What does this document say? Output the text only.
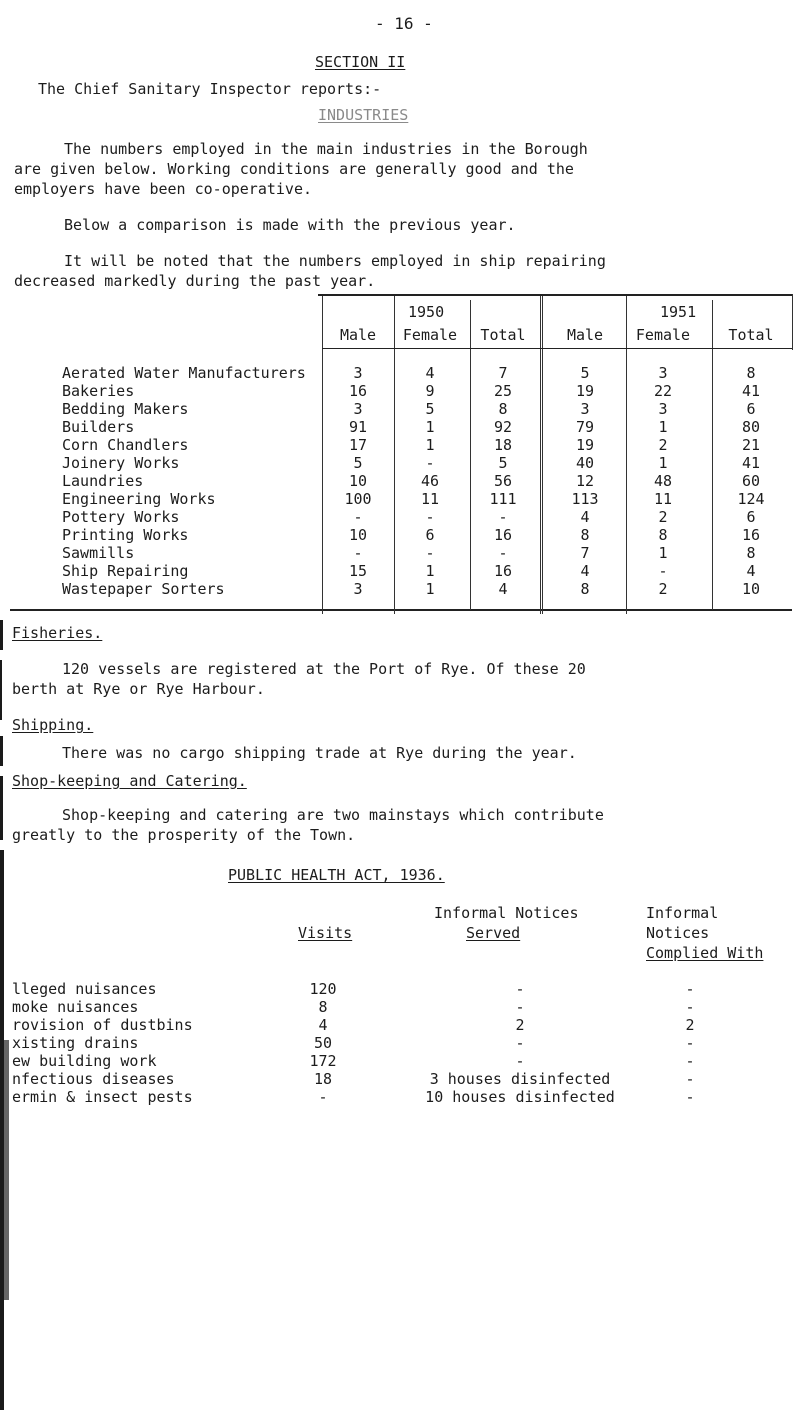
- 16 -
SECTION II
The Chief Sanitary Inspector reports:-
INDUSTRIES
The numbers employed in the main industries in the Borough
are given below. Working conditions are generally good and the
employers have been co-operative.
Below a comparison is made with the previous year.
It will be noted that the numbers employed in ship repairing
decreased markedly during the past year.
1950	1951
Male	Female	Total	Male	Female	Total
Aerated Water Manufacturers	3	4	7	5	3	8
Bakeries	16	9	25	19	22	41
Bedding Makers	3	5	8	3	3	6
Builders	91	1	92	79	1	80
Corn Chandlers	17	1	18	19	2	21
Joinery Works	5	-	5	40	1	41
Laundries	10	46	56	12	48	60
Engineering Works	100	11	111	113	11	124
Pottery Works	-	-	-	4	2	6
Printing Works	10	6	16	8	8	16
Sawmills	-	-	-	7	1	8
Ship Repairing	15	1	16	4	-	4
Wastepaper Sorters	3	1	4	8	2	10
Fisheries.
120 vessels are registered at the Port of Rye. Of these 20
berth at Rye or Rye Harbour.
Shipping.
There was no cargo shipping trade at Rye during the year.
Shop-keeping and Catering.
Shop-keeping and catering are two mainstays which contribute
greatly to the prosperity of the Town.
PUBLIC HEALTH ACT, 1936.
Informal Notices	Informal
Visits	Served	Notices
Complied With
lleged nuisances	120	-	-
moke nuisances	8	-	-
rovision of dustbins	4	2	2
xisting drains	50	-	-
ew building work	172	-	-
nfectious diseases	18	3 houses disinfected	-
ermin & insect pests	-	10 houses disinfected	-
